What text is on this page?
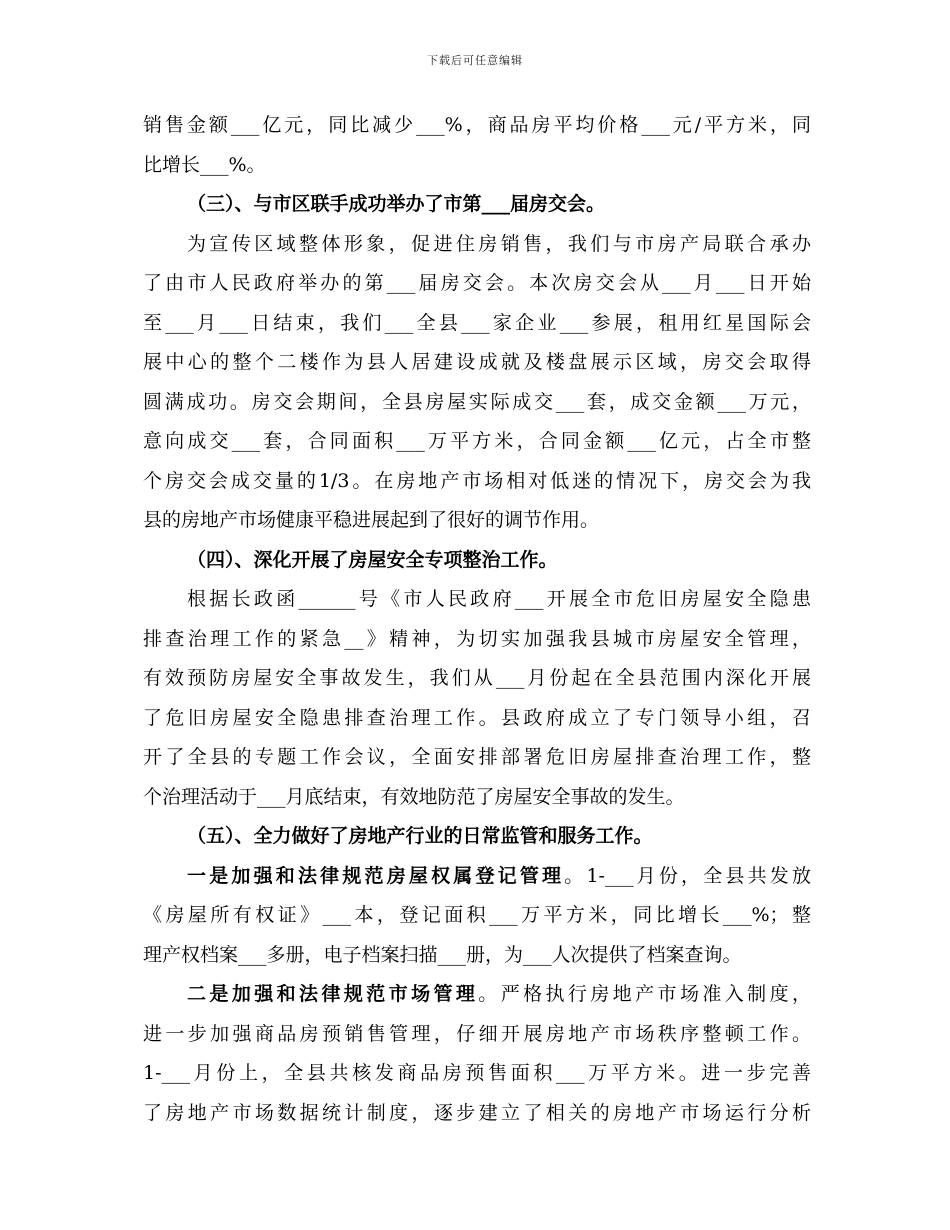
下载后可任意编辑
销售金额___亿元，同比减少___%，商品房平均价格___元/平方米，同
比增长___%。
（三）、与市区联手成功举办了市第___届房交会。
为宣传区域整体形象，促进住房销售，我们与市房产局联合承办
了由市人民政府举办的第___届房交会。本次房交会从___月___日开始
至___月___日结束，我们___全县___家企业___参展，租用红星国际会
展中心的整个二楼作为县人居建设成就及楼盘展示区域，房交会取得
圆满成功。房交会期间，全县房屋实际成交___套，成交金额___万元，
意向成交___套，合同面积___万平方米，合同金额___亿元，占全市整
个房交会成交量的1/3。在房地产市场相对低迷的情况下，房交会为我
县的房地产市场健康平稳进展起到了很好的调节作用。
（四）、深化开展了房屋安全专项整治工作。
根据长政函______号《市人民政府___开展全市危旧房屋安全隐患
排查治理工作的紧急__》精神，为切实加强我县城市房屋安全管理，
有效预防房屋安全事故发生，我们从___月份起在全县范围内深化开展
了危旧房屋安全隐患排查治理工作。县政府成立了专门领导小组，召
开了全县的专题工作会议，全面安排部署危旧房屋排查治理工作，整
个治理活动于___月底结束，有效地防范了房屋安全事故的发生。
（五）、全力做好了房地产行业的日常监管和服务工作。
一是加强和法律规范房屋权属登记管理。1-___月份，全县共发放
《房屋所有权证》___本，登记面积___万平方米，同比增长___%；整
理产权档案___多册，电子档案扫描___册，为___人次提供了档案查询。
二是加强和法律规范市场管理。严格执行房地产市场准入制度，
进一步加强商品房预销售管理，仔细开展房地产市场秩序整顿工作。
1-___月份上，全县共核发商品房预售面积___万平方米。进一步完善
了房地产市场数据统计制度，逐步建立了相关的房地产市场运行分析
